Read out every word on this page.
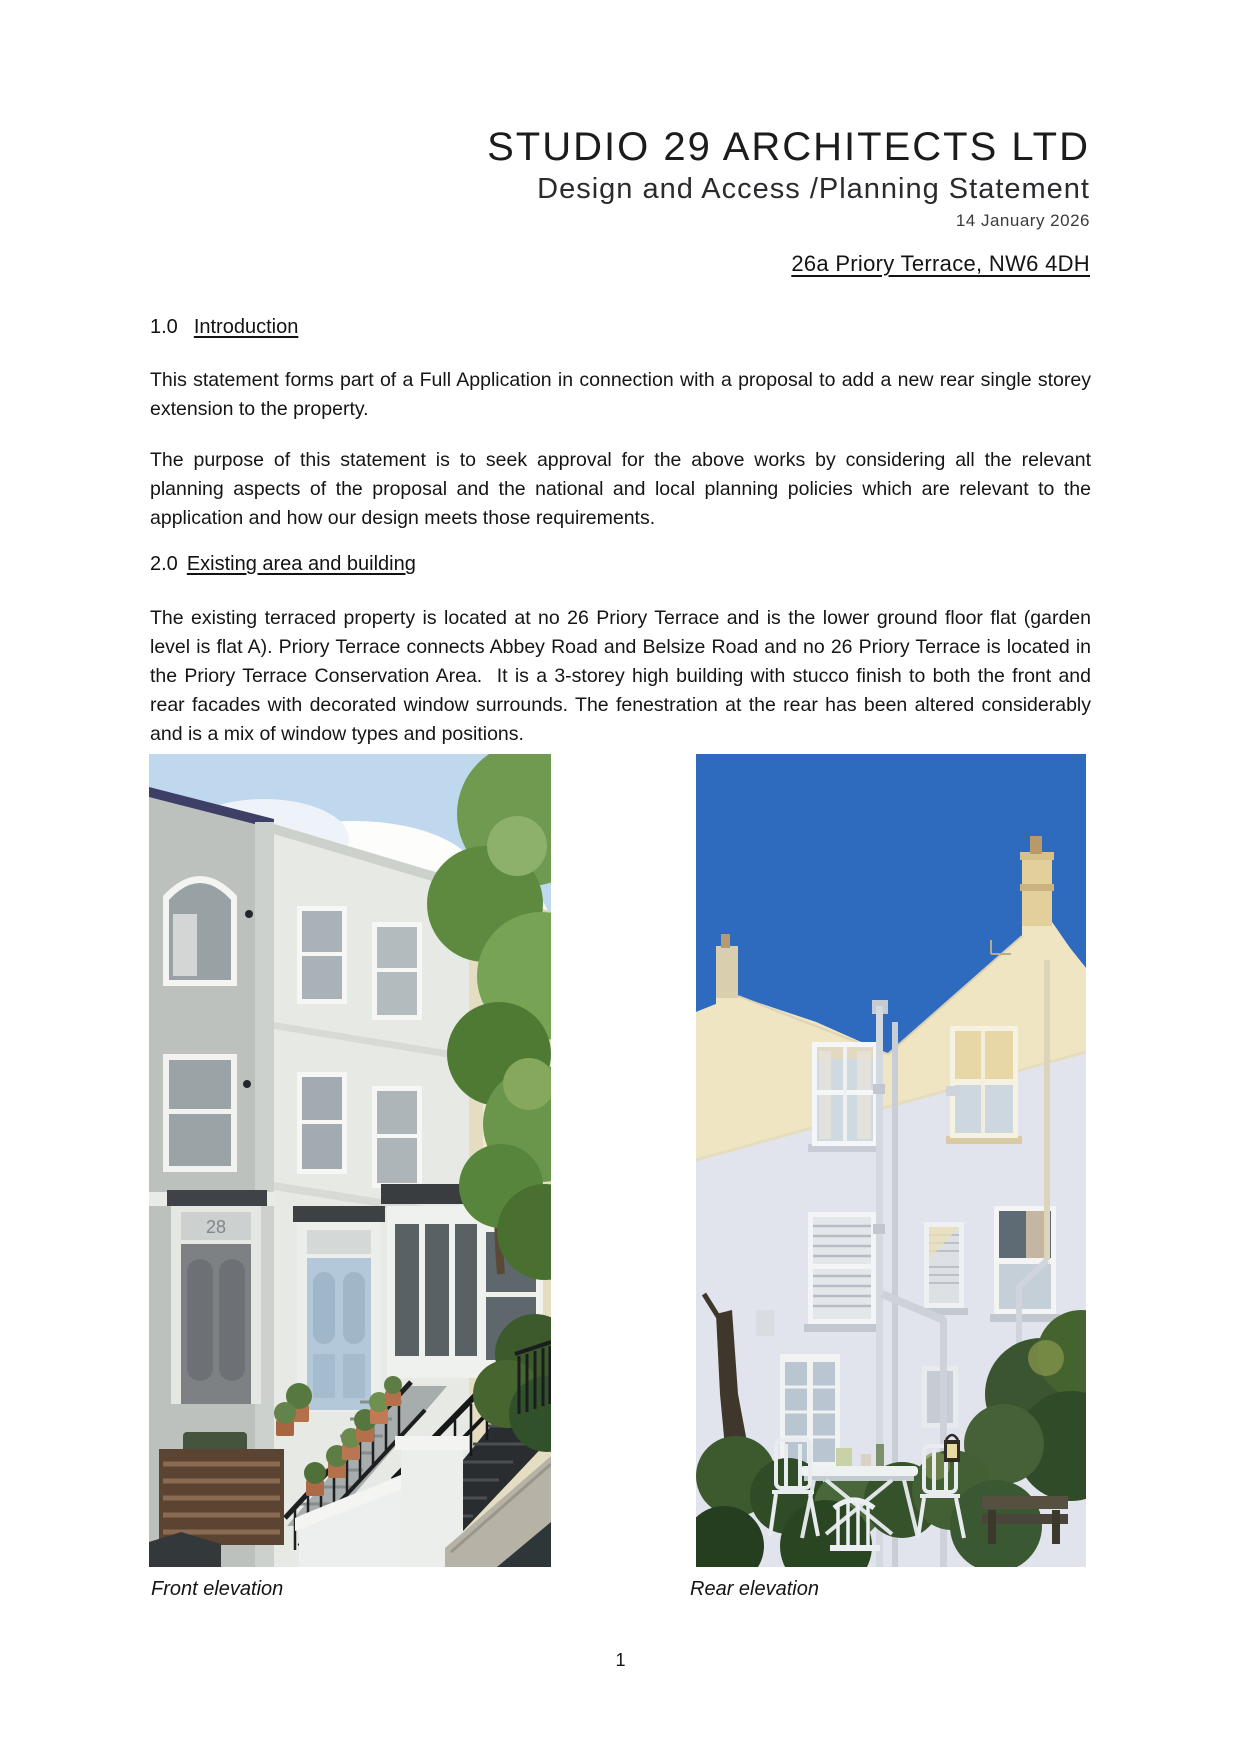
STUDIO 29 ARCHITECTS LTD
Design and Access /Planning Statement
14 January 2026
26a Priory Terrace, NW6 4DH
1.0 Introduction

This statement forms part of a Full Application in connection with a proposal to add a new rear single storey extension to the property.

The purpose of this statement is to seek approval for the above works by considering all the relevant planning aspects of the proposal and the national and local planning policies which are relevant to the application and how our design meets those requirements.

2.0 Existing area and building

The existing terraced property is located at no 26 Priory Terrace and is the lower ground floor flat (garden level is flat A). Priory Terrace connects Abbey Road and Belsize Road and no 26 Priory Terrace is located in the Priory Terrace Conservation Area.  It is a 3-storey high building with stucco finish to both the front and rear facades with decorated window surrounds. The fenestration at the rear has been altered considerably and is a mix of window types and positions.

28
Front elevation	Rear elevation
1
